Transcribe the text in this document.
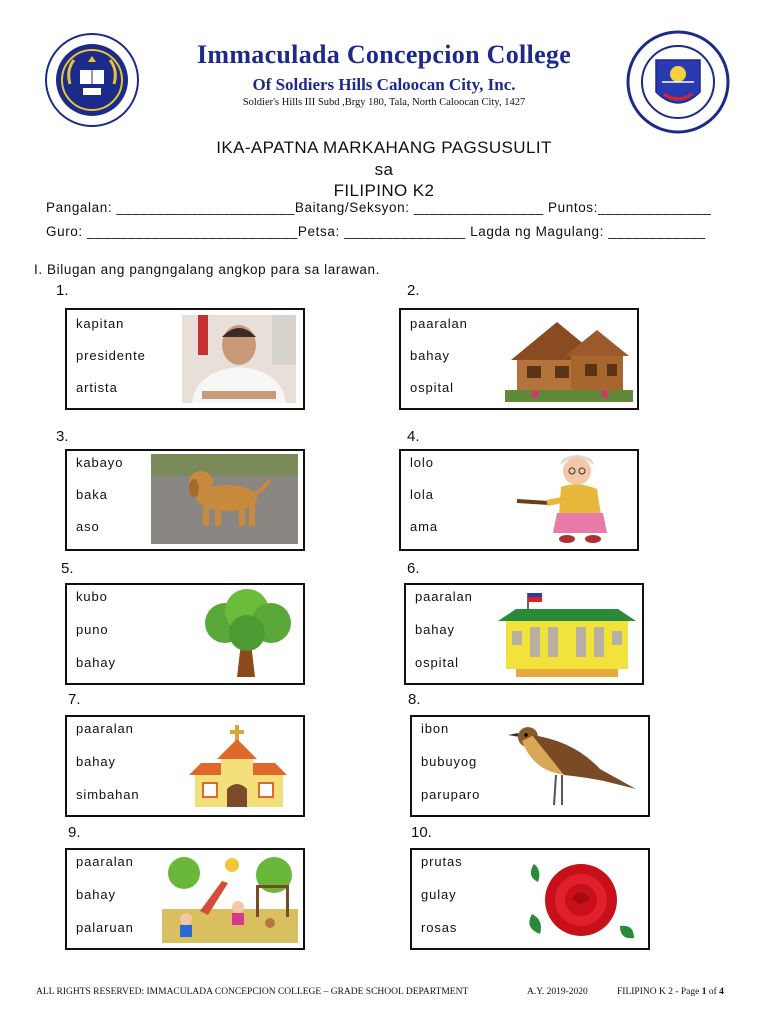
Immaculada Concepcion College
Of Soldiers Hills Caloocan City, Inc.
Soldier's Hills III Subd ,Brgy 180, Tala, North Caloocan City, 1427
IKA-APATNA MARKAHANG PAGSUSULIT
sa
FILIPINO K2
Pangalan: ______________________Baitang/Seksyon: ________________ Puntos:______________
Guro: __________________________Petsa: _______________ Lagda ng Magulang: ____________
I. Bilugan ang pangngalang angkop para sa larawan.
1.
kapitan
presidente
artista
2.
paaralan
bahay
ospital
3.
kabayo
baka
aso
4.
lolo
lola
ama
5.
kubo
puno
bahay
6.
paaralan
bahay
ospital
7.
paaralan
bahay
simbahan
8.
ibon
bubuyog
paruparo
9.
paaralan
bahay
palaruan
10.
prutas
gulay
rosas
ALL RIGHTS RESERVED: IMMACULADA CONCEPCION COLLEGE – GRADE SCHOOL DEPARTMENT	A.Y. 2019-2020	FILIPINO K 2 - Page 1 of 4
